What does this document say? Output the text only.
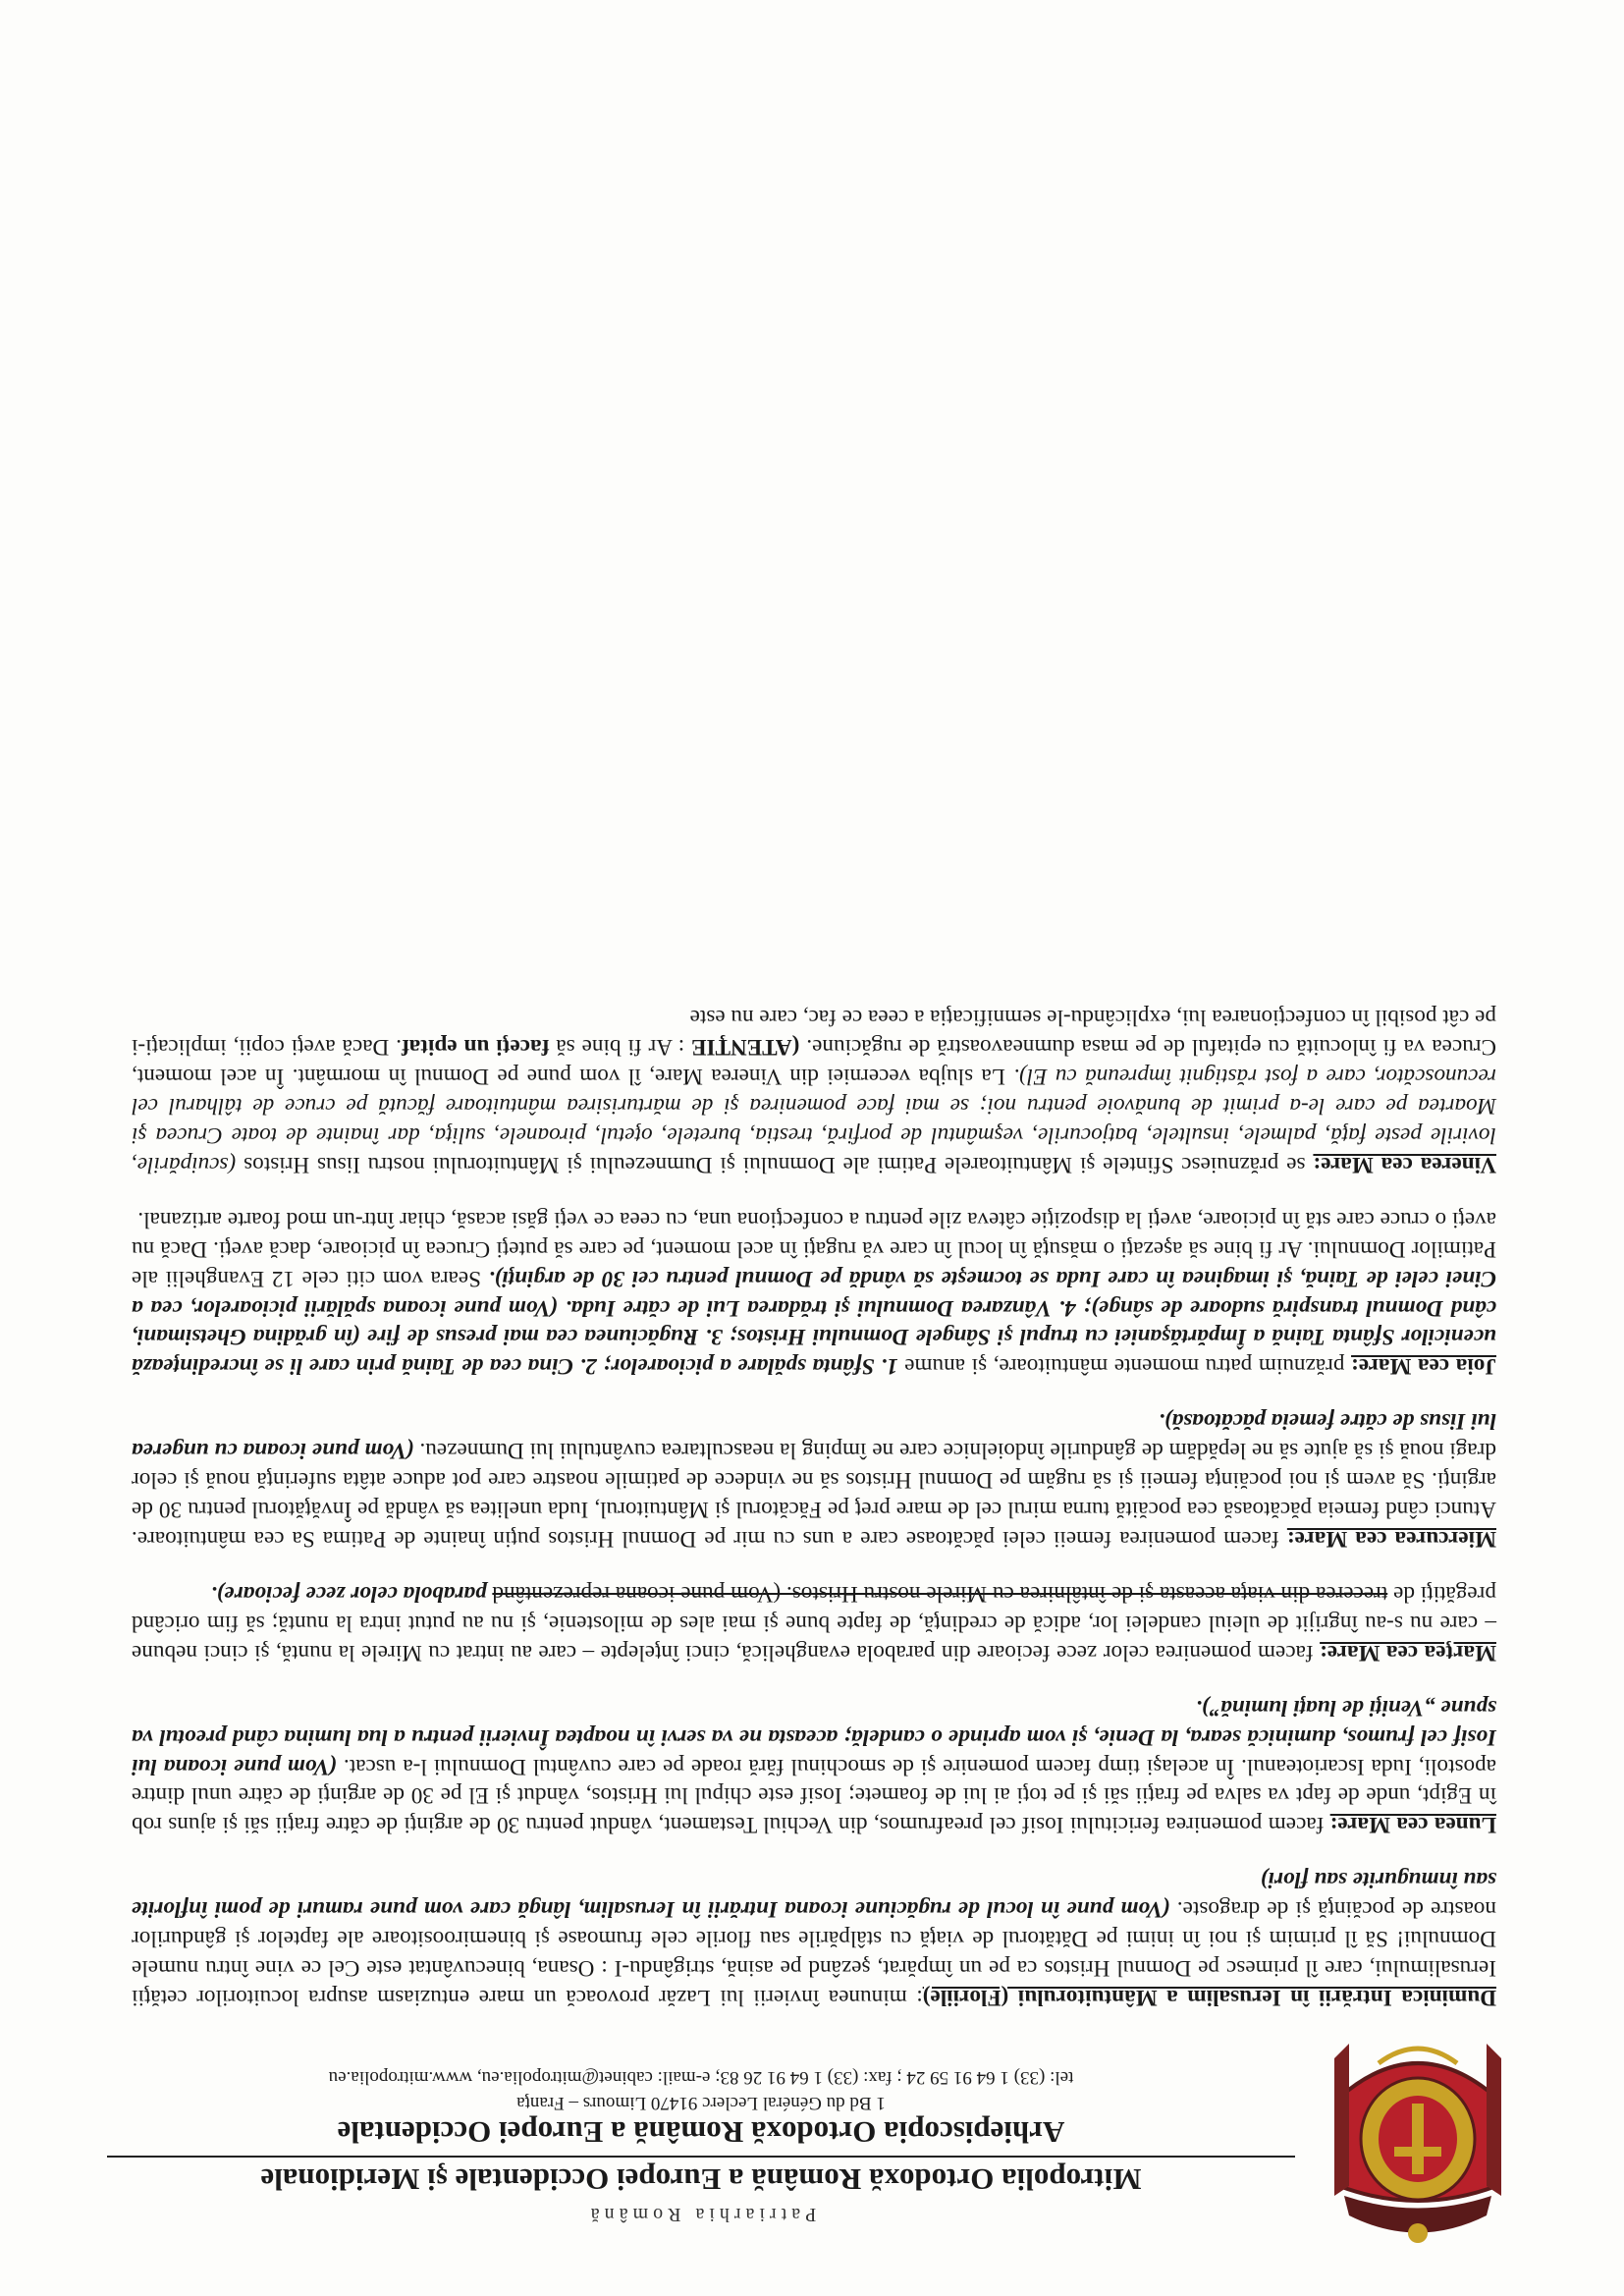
Patriarhia Română
Mitropolia Ortodoxă Română a Europei Occidentale şi Meridionale
Arhiepiscopia Ortodoxă Română a Europei Occidentale
1 Bd du Général Leclerc 91470 Limours – Franţa
tel: (33) 1 64 91 59 24 ; fax: (33) 1 64 91 26 83; e-mail: cabinet@mitropolia.eu, www.mitropolia.eu

Duminica Intrării în Ierusalim a Mântuitorului (Floriile): minunea învierii lui Lazăr provoacă un mare entuziasm asupra locuitorilor cetăţii Ierusalimului, care îl primesc pe Domnul Hristos ca pe un împărat, şezând pe asină, strigându-I : Osana, binecuvântat este Cel ce vine întru numele Domnului! Să îl primim şi noi în inimi pe Dătătorul de viaţă cu stâlpările sau florile cele frumoase şi binemiroositoare ale faptelor şi gândurilor noastre de pocăinţă şi de dragoste. (Vom pune în locul de rugăciune icoana Intrării în Ierusalim, lângă care vom pune ramuri de pomi înflorite sau înmugurite sau flori)

Lunea cea Mare: facem pomenirea fericitului Iosif cel preafrumos, din Vechiul Testament, vândut pentru 30 de arginţi de către fraţii săi şi ajuns rob în Egipt, unde de fapt va salva pe fraţii săi şi pe toţi ai lui de foamete; Iosif este chipul lui Hristos, vândut şi El pe 30 de arginţi de către unul dintre apostoli, Iuda Iscarioteanul. În acelaşi timp facem pomenire şi de smochinul fără roade pe care cuvântul Domnului l-a uscat. (Vom pune icoana lui Iosif cel frumos, duminică seara, la Denie, şi vom aprinde o candelă; aceasta ne va servi în noaptea Învierii pentru a lua lumina când preotul va spune „Veniţi de luaţi lumină”).

Marţea cea Mare: facem pomenirea celor zece fecioare din parabola evanghelică, cinci înţelepte – care au intrat cu Mirele la nuntă, şi cinci nebune – care nu s-au îngrijit de uleiul candelei lor, adică de credinţă, de fapte bune şi mai ales de milostenie, şi nu au putut intra la nuntă; să fim oricând pregătiţi de trecerea din viaţa aceasta şi de întâlnirea cu Mirele nostru Hristos. (Vom pune icoana reprezentând parabola celor zece fecioare).

Miercurea cea Mare: facem pomenirea femeii celei păcătoase care a uns cu mir pe Domnul Hristos puţin înainte de Patima Sa cea mântuitoare. Atunci când femeia păcătoasă cea pocăită turna mirul cel de mare preţ pe Făcătorul şi Mântuitorul, Iuda unelitea să vândă pe Învăţătorul pentru 30 de arginţi. Să avem şi noi pocăinţa femeii şi să rugăm pe Domnul Hristos să ne vindece de patimile noastre care pot aduce atâta suferinţă nouă şi celor dragi nouă şi să ajute să ne lepădăm de gândurile îndoielnice care ne împing la neascultarea cuvântului lui Dumnezeu. (Vom pune icoana cu ungerea lui Iisus de către femeia păcătoasă).

Joia cea Mare: prăznuim patru momente mântuitoare, şi anume 1. Sfânta spălare a picioarelor; 2. Cina cea de Taină prin care li se încredinţează ucenicilor Sfânta Taină a Împărtăşaniei cu trupul şi Sângele Domnului Hristos; 3. Rugăciunea cea mai presus de fire (în grădina Ghetsimani, când Domnul transpiră sudoare de sânge); 4. Vânzarea Domnului şi trădarea Lui de către Iuda. (Vom pune icoana spălării picioarelor, cea a Cinei celei de Taină, şi imaginea în care Iuda se tocmeşte să vândă pe Domnul pentru cei 30 de arginţi). Seara vom citi cele 12 Evanghelii ale Patimilor Domnului. Ar fi bine să aşezaţi o măsuţă în locul în care vă rugaţi în acel moment, pe care să puteţi Crucea în picioare, dacă aveţi. Dacă nu aveţi o cruce care stă în picioare, aveţi la dispoziţie câteva zile pentru a confecţiona una, cu ceea ce veţi găsi acasă, chiar într-un mod foarte artizanal.

Vinerea cea Mare: se prăznuiesc Sfintele şi Mântuitoarele Patimi ale Domnului şi Dumnezeului şi Mântuitorului nostru Iisus Hristos (scuipările, lovirile peste faţă, palmele, insultele, batjocurile, veşmântul de porfiră, trestia, buretele, oţetul, piroanele, suliţa, dar înainte de toate Crucea şi Moartea pe care le-a primit de bunăvoie pentru noi; se mai face pomenirea şi de mărturisirea mântuitoare făcută pe cruce de tâlharul cel recunoscător, care a fost răstignit împreună cu El). La slujba vecerniei din Vinerea Mare, îl vom pune pe Domnul în mormânt. În acel moment, Crucea va fi înlocuită cu epitaful de pe masa dumneavoastră de rugăciune. (ATENŢIE : Ar fi bine să faceţi un epitaf. Dacă aveţi copii, implicaţi-i pe cât posibil în confecţionarea lui, explicându-le semnificaţia a ceea ce fac, care nu este
